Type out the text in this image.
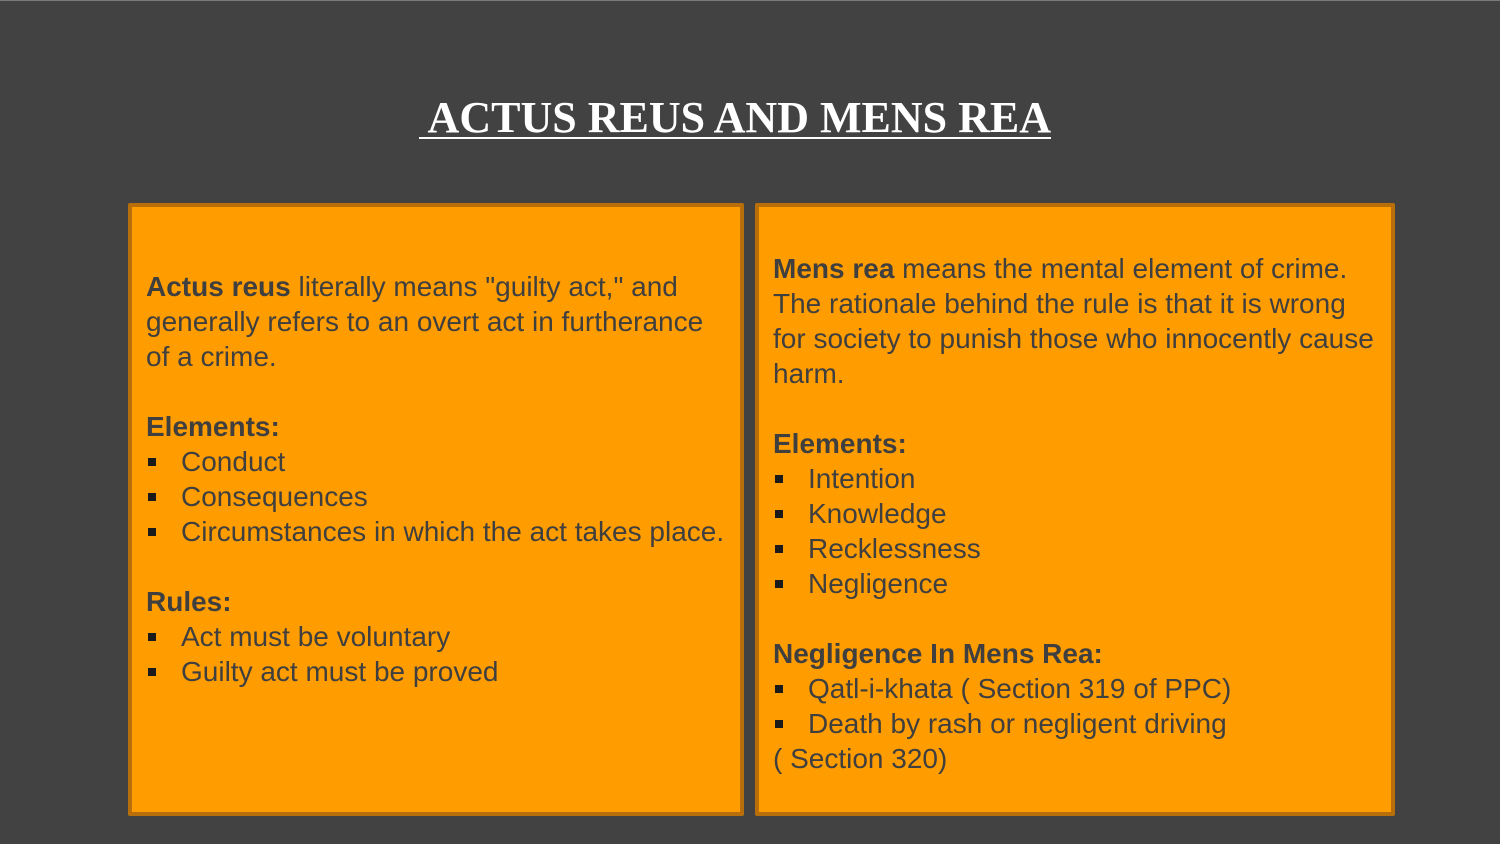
ACTUS REUS AND MENS REA

Actus reus literally means "guilty act," and generally refers to an overt act in furtherance of a crime.

Elements:

Conduct
Consequences
Circumstances in which the act takes place.

Rules:

Act must be voluntary
Guilty act must be proved

Mens rea means the mental element of crime. The rationale behind the rule is that it is wrong for society to punish those who innocently cause harm.

Elements:

Intention
Knowledge
Recklessness
Negligence

Negligence In Mens Rea:

Qatl-i-khata ( Section 319 of PPC)
Death by rash or negligent driving

( Section 320)
